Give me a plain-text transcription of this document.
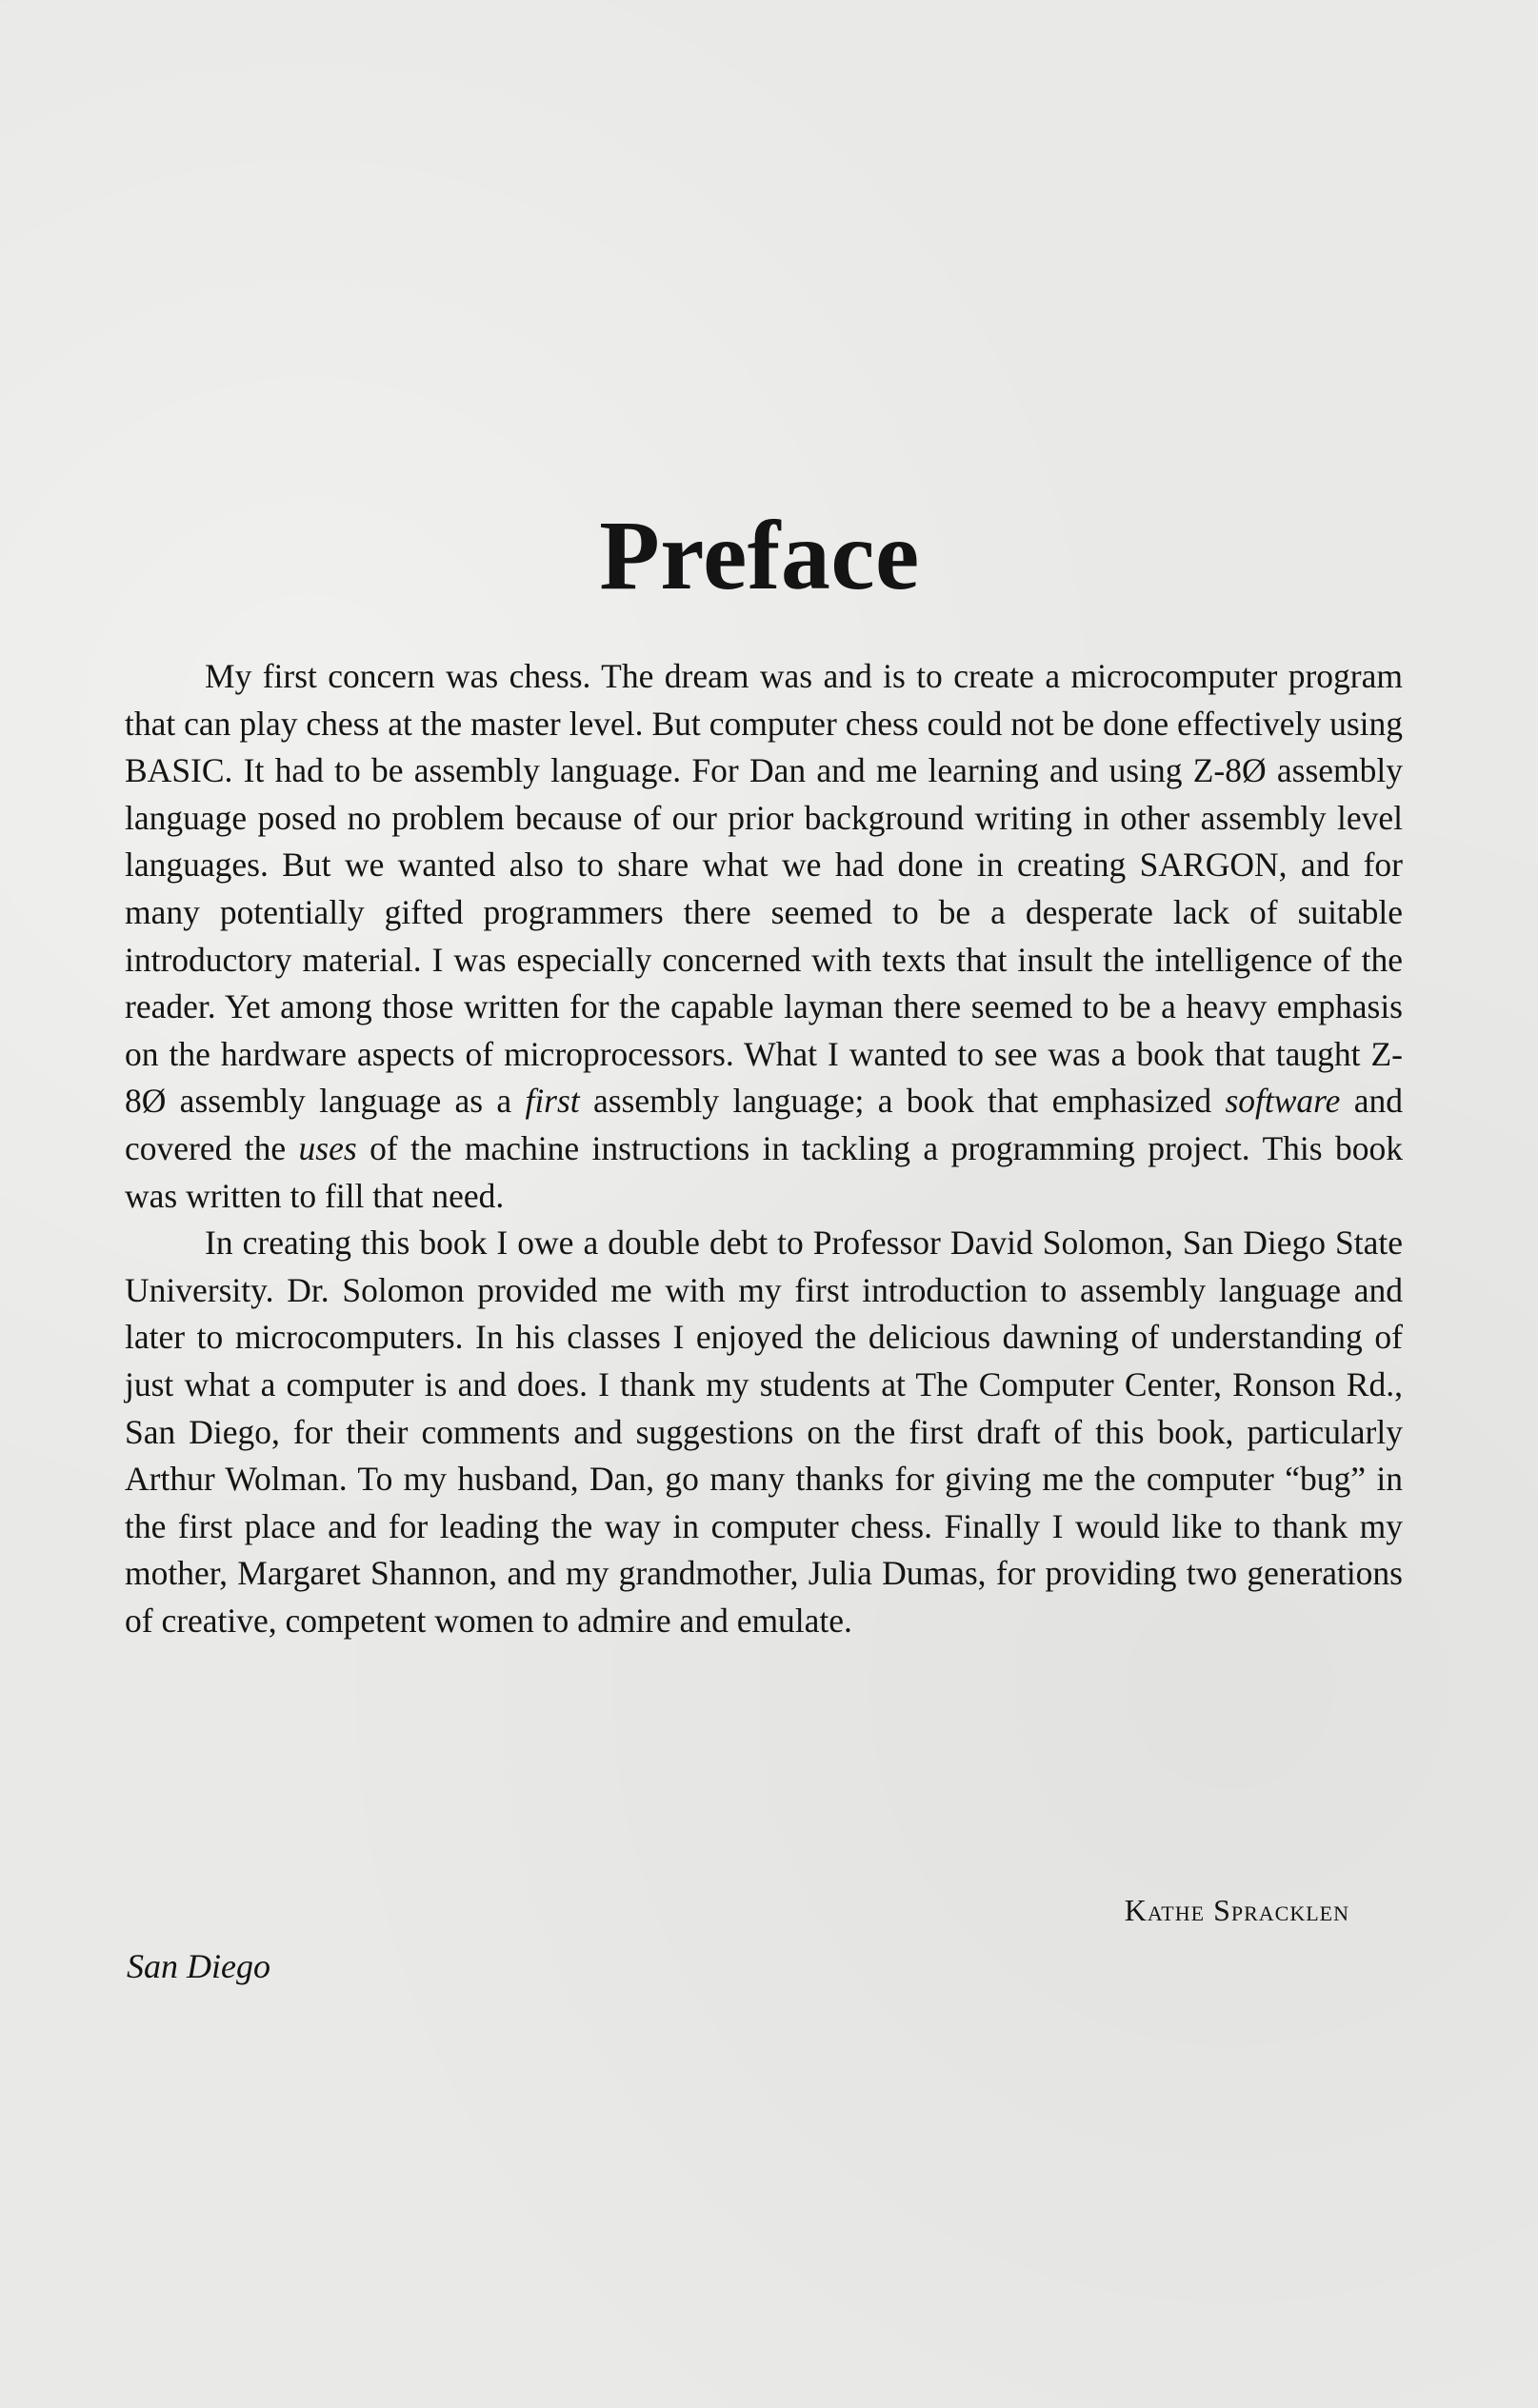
Preface

My first concern was chess. The dream was and is to create a microcomputer program that can play chess at the master level. But computer chess could not be done effectively using BASIC. It had to be assembly language. For Dan and me learning and using Z-8Ø assembly language posed no problem because of our prior background writing in other assembly level languages. But we wanted also to share what we had done in creating SARGON, and for many potentially gifted programmers there seemed to be a desperate lack of suitable introductory material. I was especially concerned with texts that insult the intelligence of the reader. Yet among those written for the capable layman there seemed to be a heavy emphasis on the hardware aspects of microprocessors. What I wanted to see was a book that taught Z-8Ø assembly language as a first assembly language; a book that emphasized software and covered the uses of the machine instructions in tackling a programming project. This book was written to fill that need.

In creating this book I owe a double debt to Professor David Solomon, San Diego State University. Dr. Solomon provided me with my first introduction to assembly language and later to microcomputers. In his classes I enjoyed the delicious dawning of understanding of just what a computer is and does. I thank my students at The Computer Center, Ronson Rd., San Diego, for their comments and suggestions on the first draft of this book, particularly Arthur Wolman. To my husband, Dan, go many thanks for giving me the computer “bug” in the first place and for leading the way in computer chess. Finally I would like to thank my mother, Margaret Shannon, and my grandmother, Julia Dumas, for providing two generations of creative, competent women to admire and emulate.

Kathe Spracklen
San Diego
